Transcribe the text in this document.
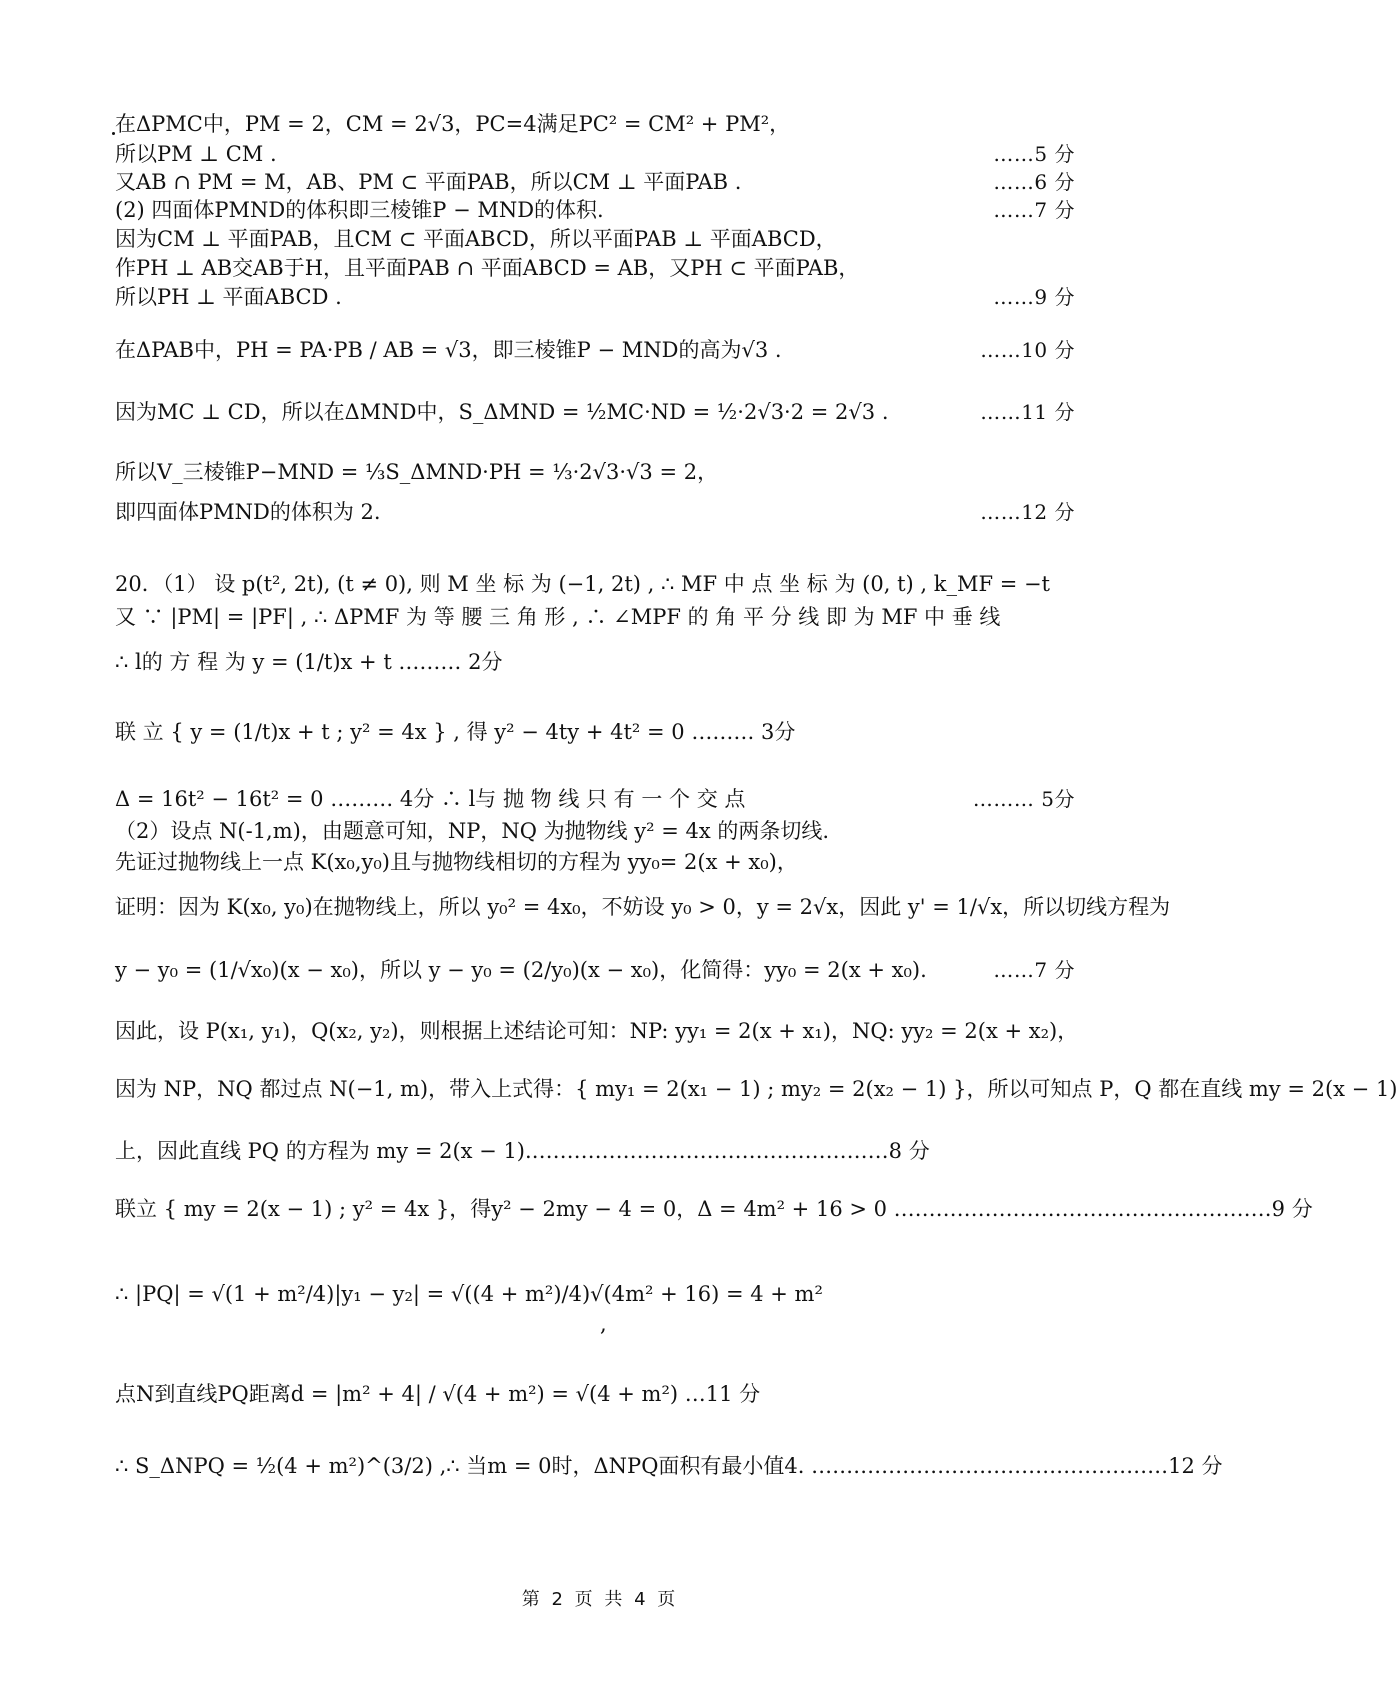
在ΔPMC中，PM = 2，CM = 2√3，PC=4满足PC² = CM² + PM²，
所以PM ⊥ CM .	……5 分
又AB ∩ PM = M，AB、PM ⊂ 平面PAB，所以CM ⊥ 平面PAB .	……6 分
(2) 四面体PMND的体积即三棱锥P − MND的体积.	……7 分
因为CM ⊥ 平面PAB，且CM ⊂ 平面ABCD，所以平面PAB ⊥ 平面ABCD，
作PH ⊥ AB交AB于H，且平面PAB ∩ 平面ABCD = AB，又PH ⊂ 平面PAB，
所以PH ⊥ 平面ABCD .	……9 分
在ΔPAB中，PH = PA·PB / AB = √3，即三棱锥P − MND的高为√3 .	……10 分
因为MC ⊥ CD，所以在ΔMND中，S_ΔMND = ½MC·ND = ½·2√3·2 = 2√3 .	……11 分
所以V_三棱锥P−MND = ⅓S_ΔMND·PH = ⅓·2√3·√3 = 2，
即四面体PMND的体积为 2.	……12 分
20．（1） 设 p(t², 2t), (t ≠ 0), 则 M 坐 标 为 (−1, 2t) , ∴ MF 中 点 坐 标 为 (0, t) , k_MF = −t
又 ∵ |PM| = |PF| , ∴ ΔPMF 为 等 腰 三 角 形 , ∴ ∠MPF 的 角 平 分 线 即 为 MF 中 垂 线
∴ l的 方 程 为 y = (1/t)x + t ……… 2分
联 立 { y = (1/t)x + t ; y² = 4x } , 得 y² − 4ty + 4t² = 0 ……… 3分
Δ = 16t² − 16t² = 0 ……… 4分 ∴ l与 抛 物 线 只 有 一 个 交 点	……… 5分
（2）设点 N(-1,m)，由题意可知，NP，NQ 为抛物线 y² = 4x 的两条切线.
先证过抛物线上一点 K(x₀,y₀)且与抛物线相切的方程为 yy₀= 2(x + x₀)，
证明：因为 K(x₀, y₀)在抛物线上，所以 y₀² = 4x₀，不妨设 y₀ > 0，y = 2√x，因此 y' = 1/√x，所以切线方程为
y − y₀ = (1/√x₀)(x − x₀)，所以 y − y₀ = (2/y₀)(x − x₀)，化简得：yy₀ = 2(x + x₀).	……7 分
因此，设 P(x₁, y₁)，Q(x₂, y₂)，则根据上述结论可知：NP: yy₁ = 2(x + x₁)，NQ: yy₂ = 2(x + x₂)，
因为 NP，NQ 都过点 N(−1, m)，带入上式得：{ my₁ = 2(x₁ − 1) ; my₂ = 2(x₂ − 1) }，所以可知点 P，Q 都在直线 my = 2(x − 1)
上，因此直线 PQ 的方程为 my = 2(x − 1).……………………………………………8 分
联立 { my = 2(x − 1) ; y² = 4x }，得y² − 2my − 4 = 0，Δ = 4m² + 16 > 0 ………………………………………………9 分
∴ |PQ| = √(1 + m²/4)|y₁ − y₂| = √((4 + m²)/4)√(4m² + 16) = 4 + m²
,
点N到直线PQ距离d = |m² + 4| / √(4 + m²) = √(4 + m²) …11 分
∴ S_ΔNPQ = ½(4 + m²)^(3/2) ,∴ 当m = 0时，ΔNPQ面积有最小值4. ……………………………………………12 分
第 2 页 共 4 页
